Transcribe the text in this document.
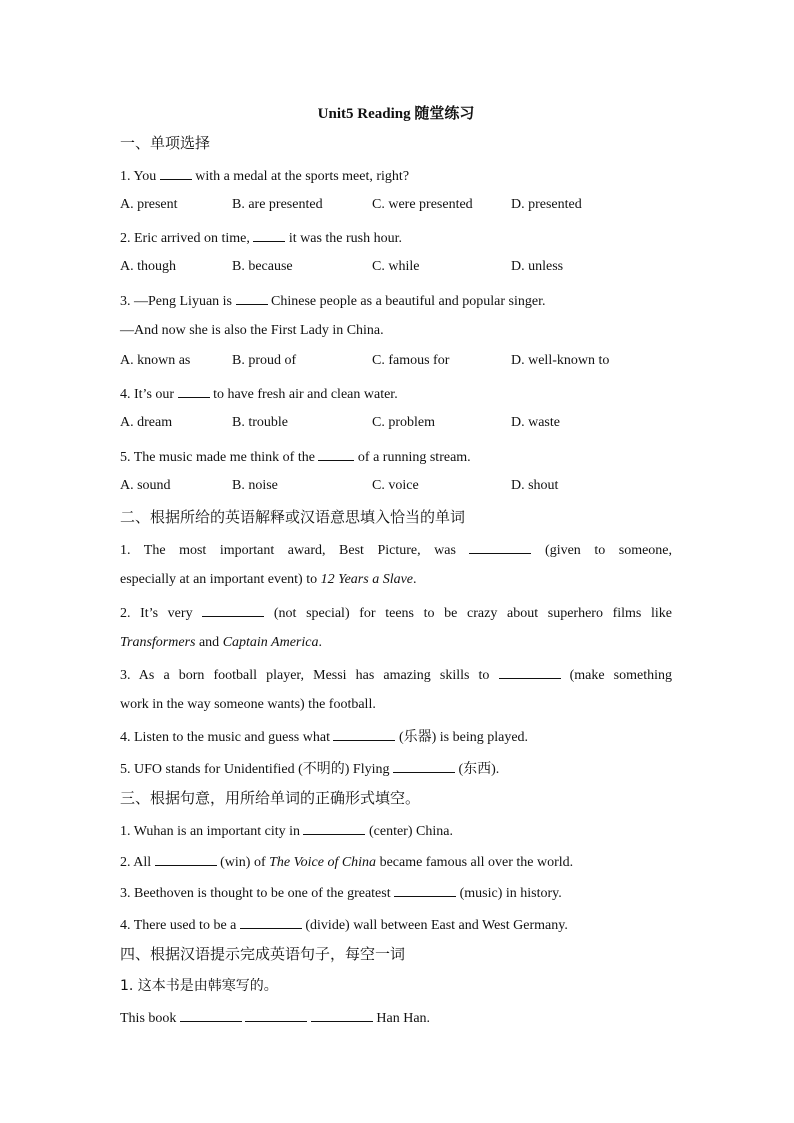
Unit5 Reading 随堂练习
一、单项选择
1. You	with a medal at the sports meet, right?
A. present	B. are presented	C. were presented	D. presented
2. Eric arrived on time,	it was the rush hour.
A. though	B. because	C. while	D. unless
3. —Peng Liyuan is	Chinese people as a beautiful and popular singer.
—And now she is also the First Lady in China.
A. known as	B. proud of	C. famous for	D. well-known to
4. It’s our	to have fresh air and clean water.
A. dream	B. trouble	C. problem	D. waste
5. The music made me think of the	of a running stream.
A. sound	B. noise	C. voice	D. shout
二、根据所给的英语解释或汉语意思填入恰当的单词
1. The most important award, Best Picture, was	(given to someone,
especially at an important event) to 12 Years a Slave.
2. It’s very	(not special) for teens to be crazy about superhero films like
Transformers and Captain America.
3. As a born football player, Messi has amazing skills to	(make something
work in the way someone wants) the football.
4. Listen to the music and guess what	(乐器) is being played.
5. UFO stands for Unidentified (不明的) Flying	(东西).
三、根据句意，用所给单词的正确形式填空。
1. Wuhan is an important city in	(center) China.
2. All	(win) of The Voice of China became famous all over the world.
3. Beethoven is thought to be one of the greatest	(music) in history.
4. There used to be a	(divide) wall between East and West Germany.
四、根据汉语提示完成英语句子，每空一词
1. 这本书是由韩寒写的。
This book	Han Han.
